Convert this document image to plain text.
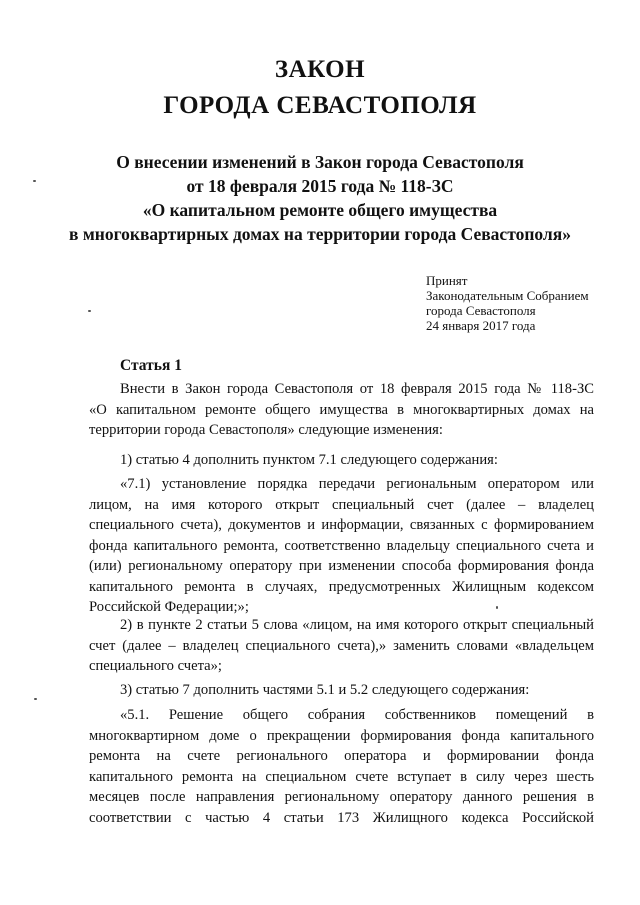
ЗАКОН
ГОРОДА СЕВАСТОПОЛЯ
О внесении изменений в Закон города Севастополя
от 18 февраля 2015 года № 118-ЗС
«О капитальном ремонте общего имущества
в многоквартирных домах на территории города Севастополя»
Принят
Законодательным Собранием
города Севастополя
24 января 2017 года
Статья 1
Внести в Закон города Севастополя от 18 февраля 2015 года № 118-ЗС
«О капитальном ремонте общего имущества в многоквартирных домах на
территории города Севастополя» следующие изменения:
1) статью 4 дополнить пунктом 7.1 следующего содержания:
«7.1) установление порядка передачи региональным оператором или
лицом, на имя которого открыт специальный счет (далее – владелец
специального счета), документов и информации, связанных с формированием
фонда капитального ремонта, соответственно владельцу специального счета и
(или) региональному оператору при изменении способа формирования фонда
капитального ремонта в случаях, предусмотренных Жилищным кодексом
Российской Федерации;»;
2) в пункте 2 статьи 5 слова «лицом, на имя которого открыт специальный
счет (далее – владелец специального счета),» заменить словами «владельцем
специального счета»;
3) статью 7 дополнить частями 5.1 и 5.2 следующего содержания:
«5.1. Решение общего собрания собственников помещений в
многоквартирном доме о прекращении формирования фонда капитального
ремонта на счете регионального оператора и формировании фонда
капитального ремонта на специальном счете вступает в силу через шесть
месяцев после направления региональному оператору данного решения в
соответствии с частью 4 статьи 173 Жилищного кодекса Российской
